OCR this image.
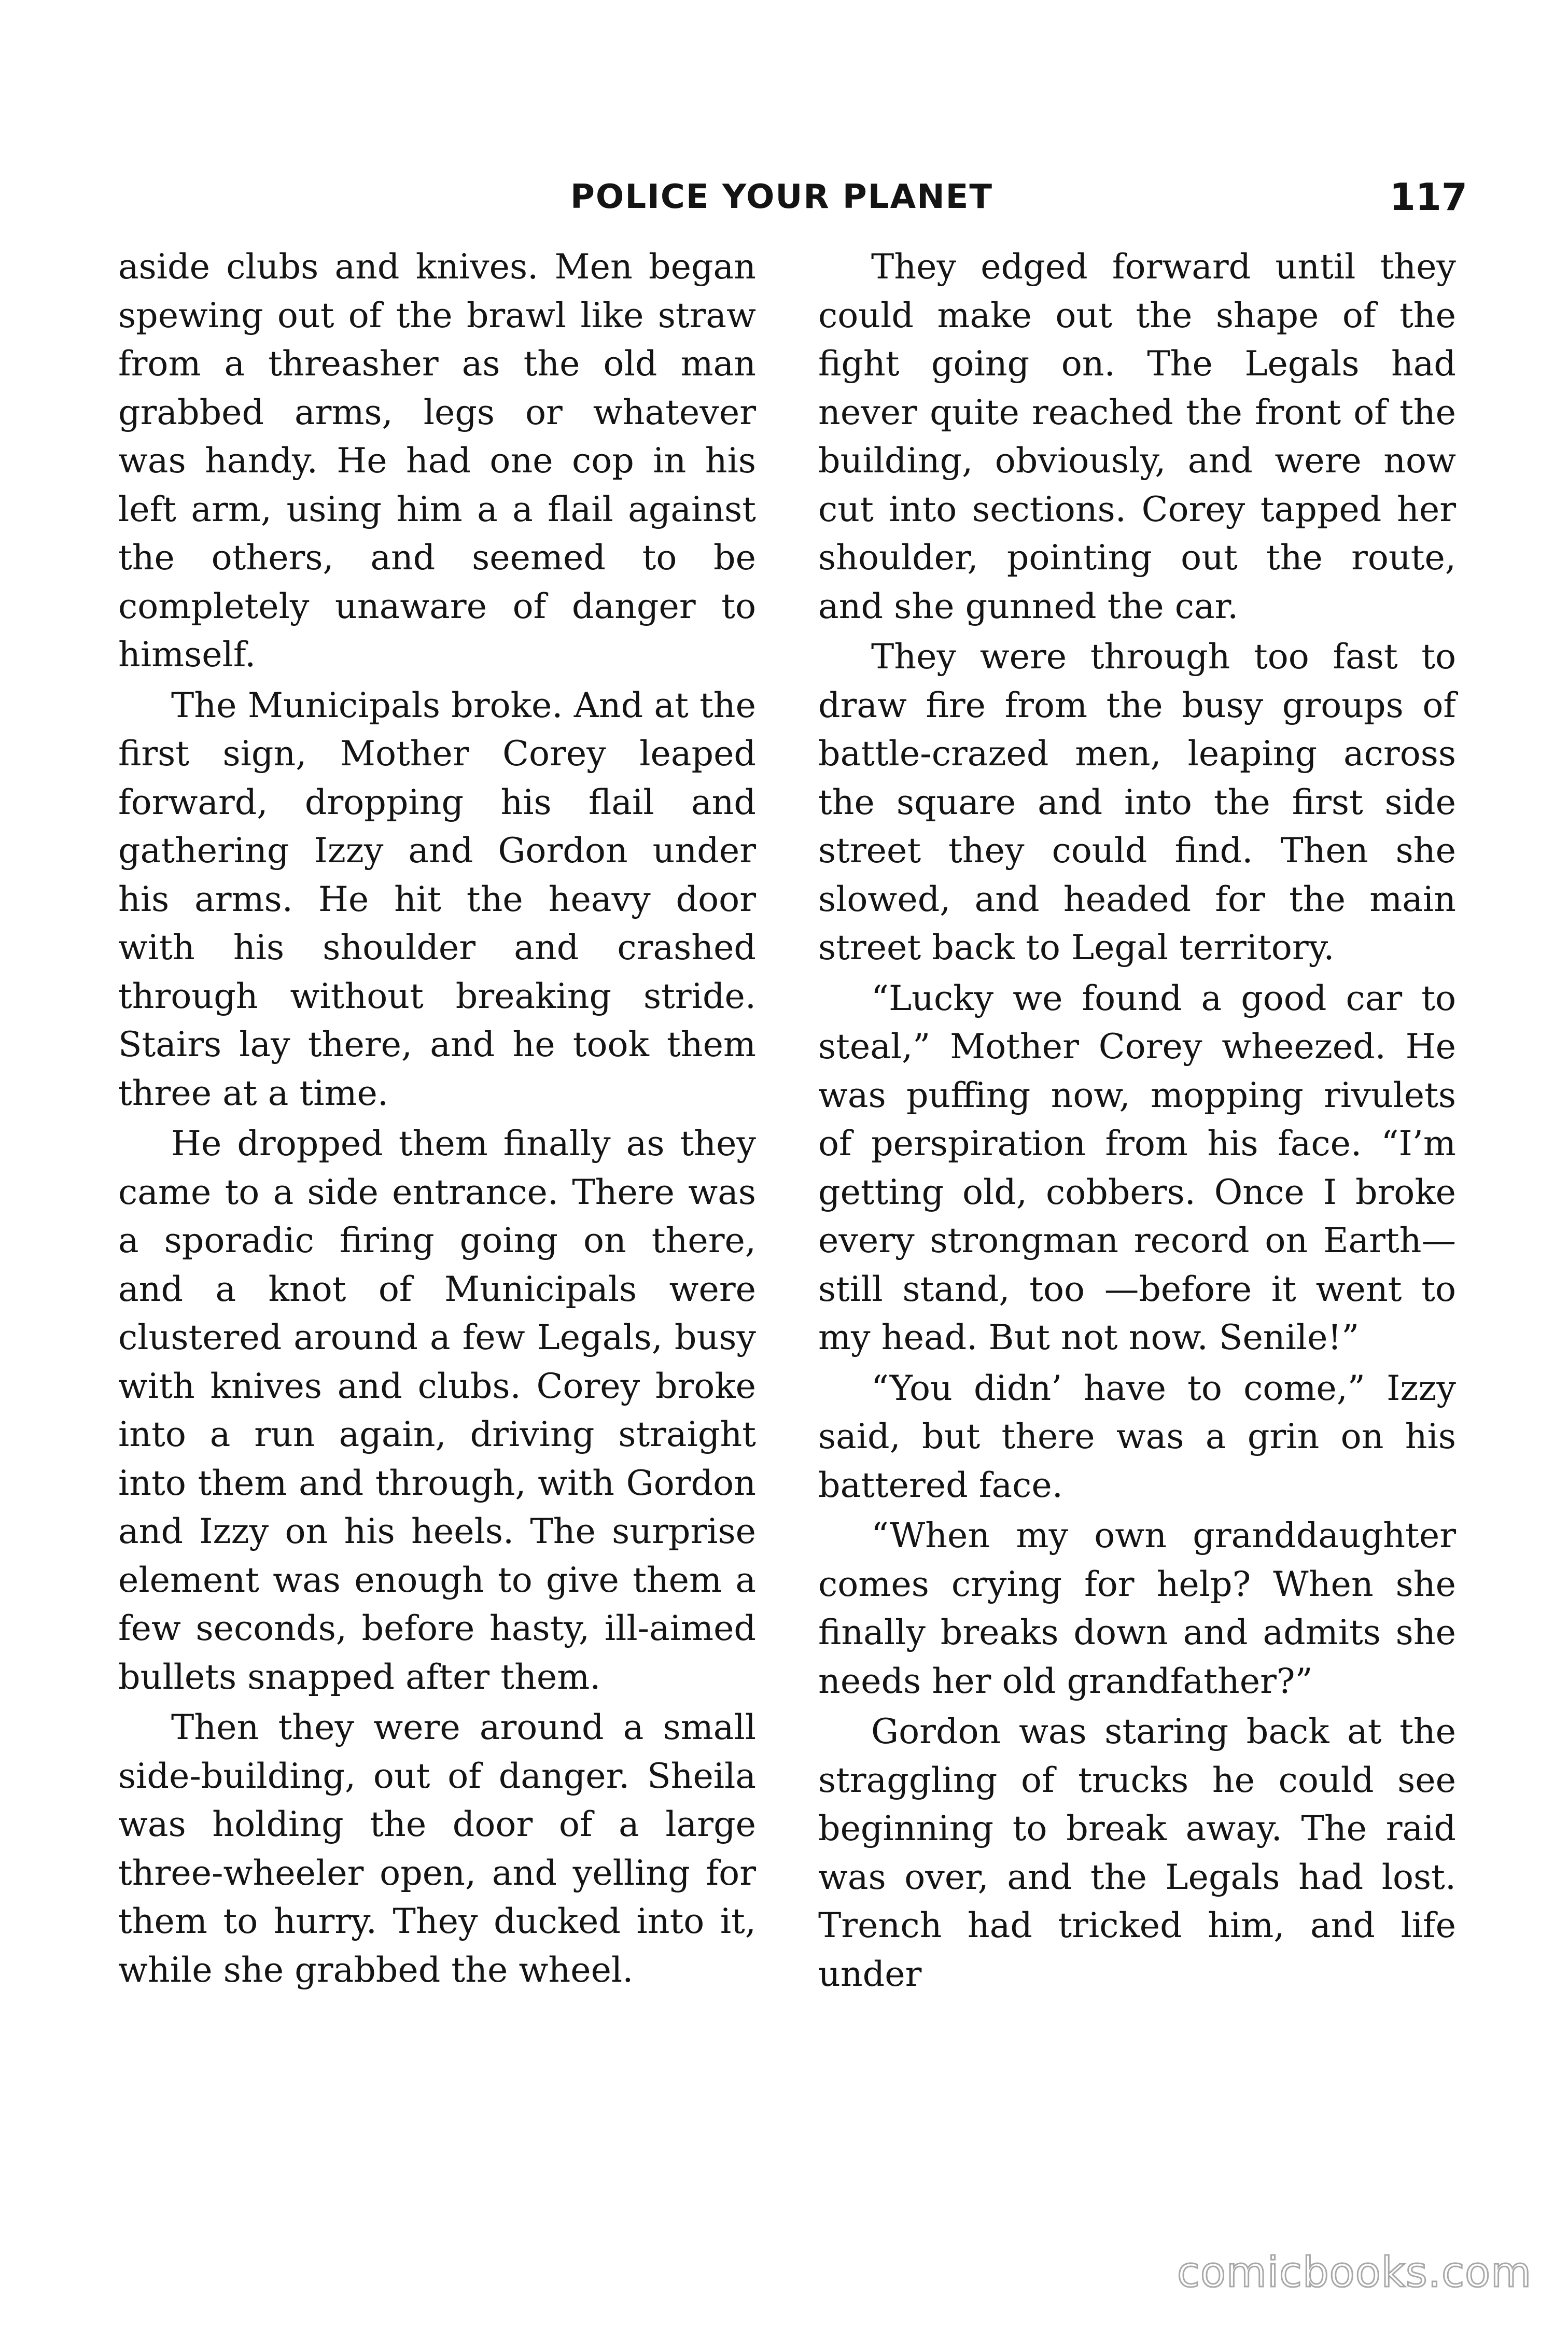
POLICE YOUR PLANET	117

aside clubs and knives. Men began spewing out of the brawl like straw from a threasher as the old man grabbed arms, legs or whatever was handy. He had one cop in his left arm, using him a a flail against the others, and seemed to be completely unaware of danger to himself.

The Municipals broke. And at the first sign, Mother Corey leaped forward, dropping his flail and gathering Izzy and Gordon under his arms. He hit the heavy door with his shoulder and crashed through without breaking stride. Stairs lay there, and he took them three at a time.

He dropped them finally as they came to a side entrance. There was a sporadic firing going on there, and a knot of Municipals were clustered around a few Legals, busy with knives and clubs. Corey broke into a run again, driving straight into them and through, with Gordon and Izzy on his heels. The surprise element was enough to give them a few seconds, before hasty, ill-aimed bullets snapped after them.

Then they were around a small side-building, out of danger. Sheila was holding the door of a large three-wheeler open, and yelling for them to hurry. They ducked into it, while she grabbed the wheel.

They edged forward until they could make out the shape of the fight going on. The Legals had never quite reached the front of the building, obviously, and were now cut into sections. Corey tapped her shoulder, pointing out the route, and she gunned the car.

They were through too fast to draw fire from the busy groups of battle-crazed men, leaping across the square and into the first side street they could find. Then she slowed, and headed for the main street back to Legal territory.

“Lucky we found a good car to steal,” Mother Corey wheezed. He was puffing now, mopping rivulets of perspiration from his face. “I’m getting old, cobbers. Once I broke every strongman record on Earth—still stand, too —before it went to my head. But not now. Senile!”

“You didn’ have to come,” Izzy said, but there was a grin on his battered face.

“When my own granddaughter comes crying for help? When she finally breaks down and admits she needs her old grandfather?”

Gordon was staring back at the straggling of trucks he could see beginning to break away. The raid was over, and the Legals had lost. Trench had tricked him, and life under

comicbooks.com
